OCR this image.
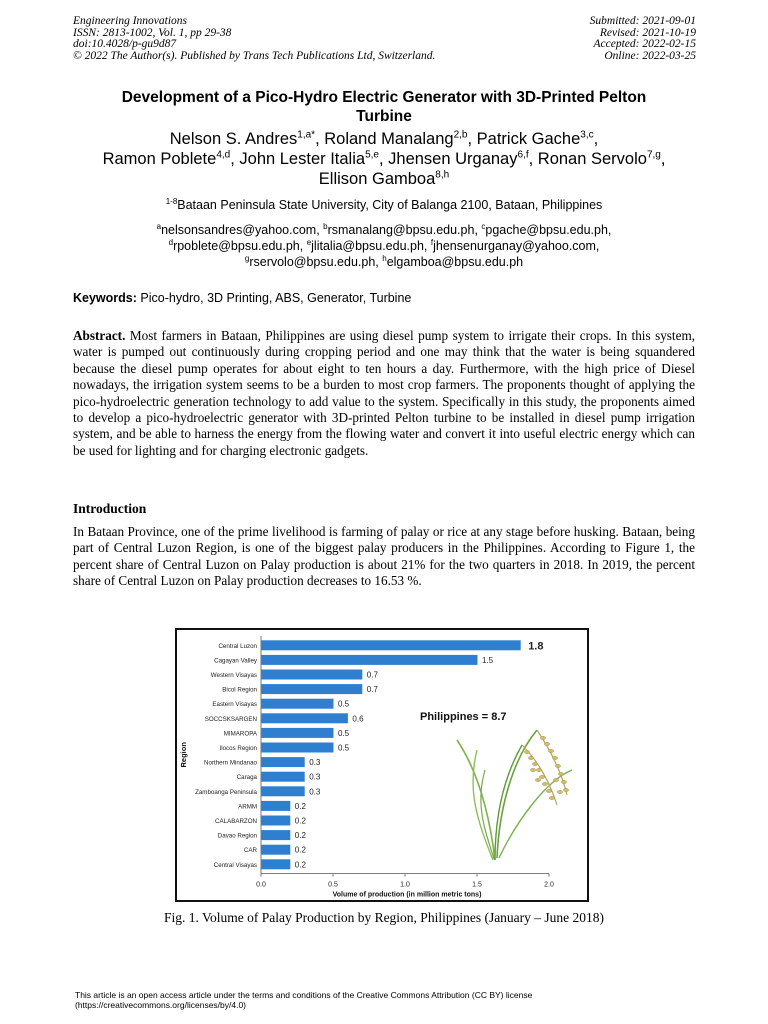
Engineering Innovations
ISSN: 2813-1002, Vol. 1, pp 29-38
doi:10.4028/p-gu9d87
© 2022 The Author(s). Published by Trans Tech Publications Ltd, Switzerland.
Submitted: 2021-09-01
Revised: 2021-10-19
Accepted: 2022-02-15
Online: 2022-03-25
Development of a Pico-Hydro Electric Generator with 3D-Printed Pelton
Turbine
Nelson S. Andres$^{1,a*}$, Roland Manalang$^{2,b}$, Patrick Gache$^{3,c}$,
Ramon Poblete$^{4,d}$, John Lester Italia$^{5,e}$, Jhensen Urganay$^{6,f}$, Ronan Servolo$^{7,g}$,
Ellison Gamboa$^{8,h}$
$^{1-8}$Bataan Peninsula State University, City of Balanga 2100, Bataan, Philippines
$^a$nelsonsandres@yahoo.com, $^b$rsmanalang@bpsu.edu.ph, $^c$pgache@bpsu.edu.ph,
$^d$rpoblete@bpsu.edu.ph, $^e$jlitalia@bpsu.edu.ph, $^f$jhensenurganay@yahoo.com,
$^g$rservolo@bpsu.edu.ph, $^h$elgamboa@bpsu.edu.ph
Keywords: Pico-hydro, 3D Printing, ABS, Generator, Turbine
Abstract. Most farmers in Bataan, Philippines are using diesel pump system to irrigate their crops. In this system, water is pumped out continuously during cropping period and one may think that the water is being squandered because the diesel pump operates for about eight to ten hours a day. Furthermore, with the high price of Diesel nowadays, the irrigation system seems to be a burden to most crop farmers. The proponents thought of applying the pico-hydroelectric generation technology to add value to the system. Specifically in this study, the proponents aimed to develop a pico-hydroelectric generator with 3D-printed Pelton turbine to be installed in diesel pump irrigation system, and be able to harness the energy from the flowing water and convert it into useful electric energy which can be used for lighting and for charging electronic gadgets.
Introduction
In Bataan Province, one of the prime livelihood is farming of palay or rice at any stage before husking. Bataan, being part of Central Luzon Region, is one of the biggest palay producers in the Philippines. According to Figure 1, the percent share of Central Luzon on Palay production is about 21% for the two quarters in 2018. In 2019, the percent share of Central Luzon on Palay production decreases to 16.53 %.
Central Luzon	1.8
Cagayan Valley	1.5
Western Visayas	0.7
Bicol Region	0.7
Eastern Visayas	0.5
SOCCSKSARGEN	0.6
MIMAROPA	0.5
Ilocos Region	0.5
Northern Mindanao	0.3
Caraga	0.3
Zamboanga Peninsula	0.3
ARMM	0.2
CALABARZON	0.2
Davao Region	0.2
CAR	0.2
Central Visayas	0.2
0.0	0.5	1.0	1.5	2.0
Volume of production (in million metric tons)
Region
Philippines = 8.7
Fig. 1. Volume of Palay Production by Region, Philippines (January – June 2018)
This article is an open access article under the terms and conditions of the Creative Commons Attribution (CC BY) license
(https://creativecommons.org/licenses/by/4.0)
